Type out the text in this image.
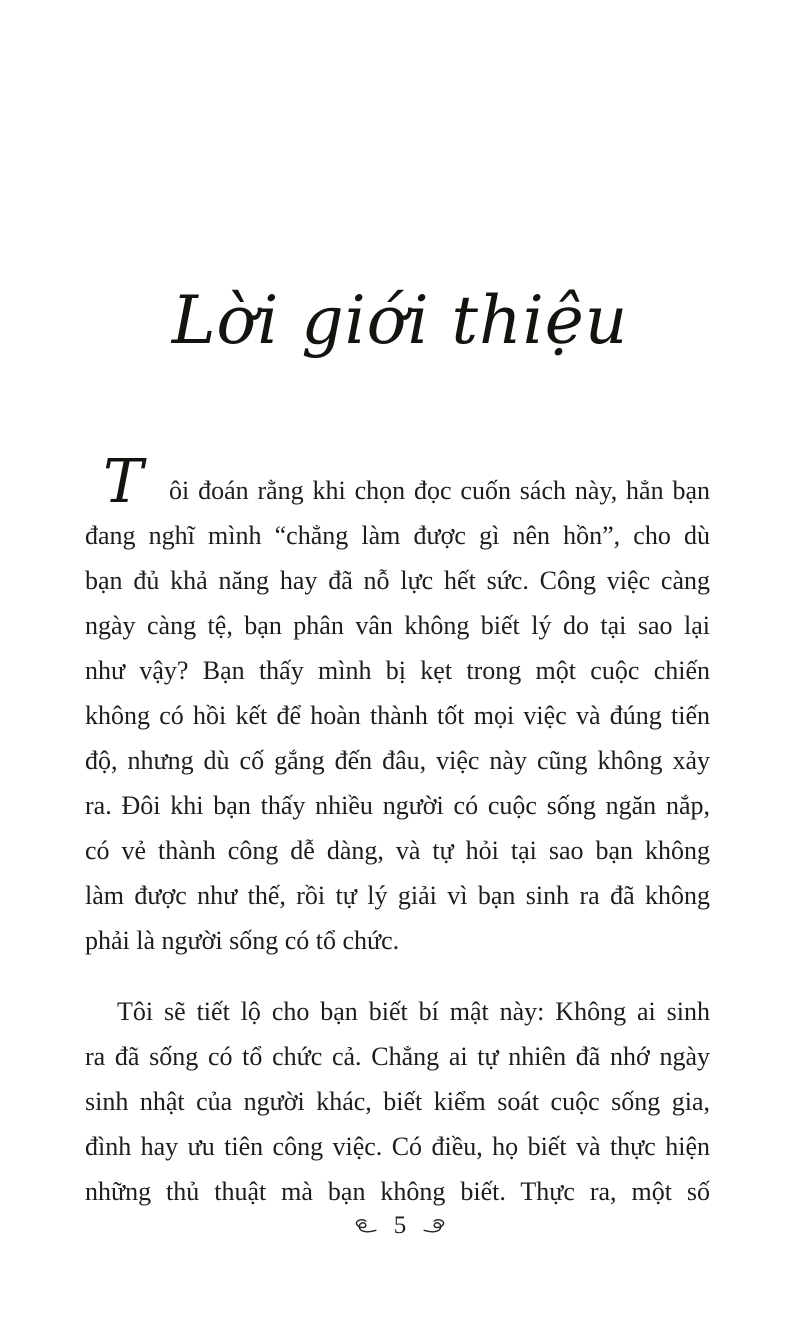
Lời giới thiệu
T ôi đoán rằng khi chọn đọc cuốn sách này, hẳn bạn
đang nghĩ mình “chẳng làm được gì nên hồn”, cho dù
bạn đủ khả năng hay đã nỗ lực hết sức. Công việc càng
ngày càng tệ, bạn phân vân không biết lý do tại sao lại
như vậy? Bạn thấy mình bị kẹt trong một cuộc chiến
không có hồi kết để hoàn thành tốt mọi việc và đúng tiến
độ, nhưng dù cố gắng đến đâu, việc này cũng không xảy
ra. Đôi khi bạn thấy nhiều người có cuộc sống ngăn nắp,
có vẻ thành công dễ dàng, và tự hỏi tại sao bạn không
làm được như thế, rồi tự lý giải vì bạn sinh ra đã không
phải là người sống có tổ chức.
Tôi sẽ tiết lộ cho bạn biết bí mật này: Không ai sinh
ra đã sống có tổ chức cả. Chẳng ai tự nhiên đã nhớ ngày
sinh nhật của người khác, biết kiểm soát cuộc sống gia,
đình hay ưu tiên công việc. Có điều, họ biết và thực hiện
những thủ thuật mà bạn không biết. Thực ra, một số
5
